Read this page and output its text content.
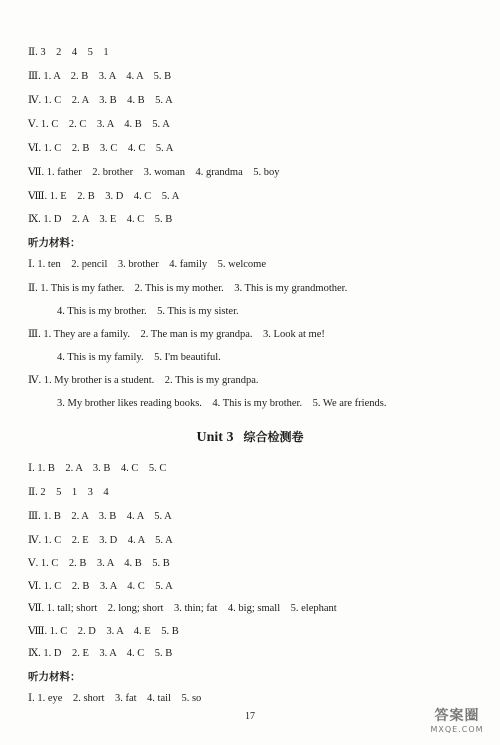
Ⅱ. 3　2　4　5　1
Ⅲ. 1. A　2. B　3. A　4. A　5. B
Ⅳ. 1. C　2. A　3. B　4. B　5. A
Ⅴ. 1. C　2. C　3. A　4. B　5. A
Ⅵ. 1. C　2. B　3. C　4. C　5. A
Ⅶ. 1. father　2. brother　3. woman　4. grandma　5. boy
Ⅷ. 1. E　2. B　3. D　4. C　5. A
Ⅸ. 1. D　2. A　3. E　4. C　5. B
听力材料：
Ⅰ. 1. ten　2. pencil　3. brother　4. family　5. welcome
Ⅱ. 1. This is my father.　2. This is my mother.　3. This is my grandmother.
4. This is my brother.　5. This is my sister.
Ⅲ. 1. They are a family.　2. The man is my grandpa.　3. Look at me!
4. This is my family.　5. I'm beautiful.
Ⅳ. 1. My brother is a student.　2. This is my grandpa.
3. My brother likes reading books.　4. This is my brother.　5. We are friends.
Unit 3 综合检测卷
Ⅰ. 1. B　2. A　3. B　4. C　5. C
Ⅱ. 2　5　1　3　4
Ⅲ. 1. B　2. A　3. B　4. A　5. A
Ⅳ. 1. C　2. E　3. D　4. A　5. A
Ⅴ. 1. C　2. B　3. A　4. B　5. B
Ⅵ. 1. C　2. B　3. A　4. C　5. A
Ⅶ. 1. tall; short　2. long; short　3. thin; fat　4. big; small　5. elephant
Ⅷ. 1. C　2. D　3. A　4. E　5. B
Ⅸ. 1. D　2. E　3. A　4. C　5. B
听力材料：
Ⅰ. 1. eye　2. short　3. fat　4. tail　5. so
17	答案圈
MXQE.COM
